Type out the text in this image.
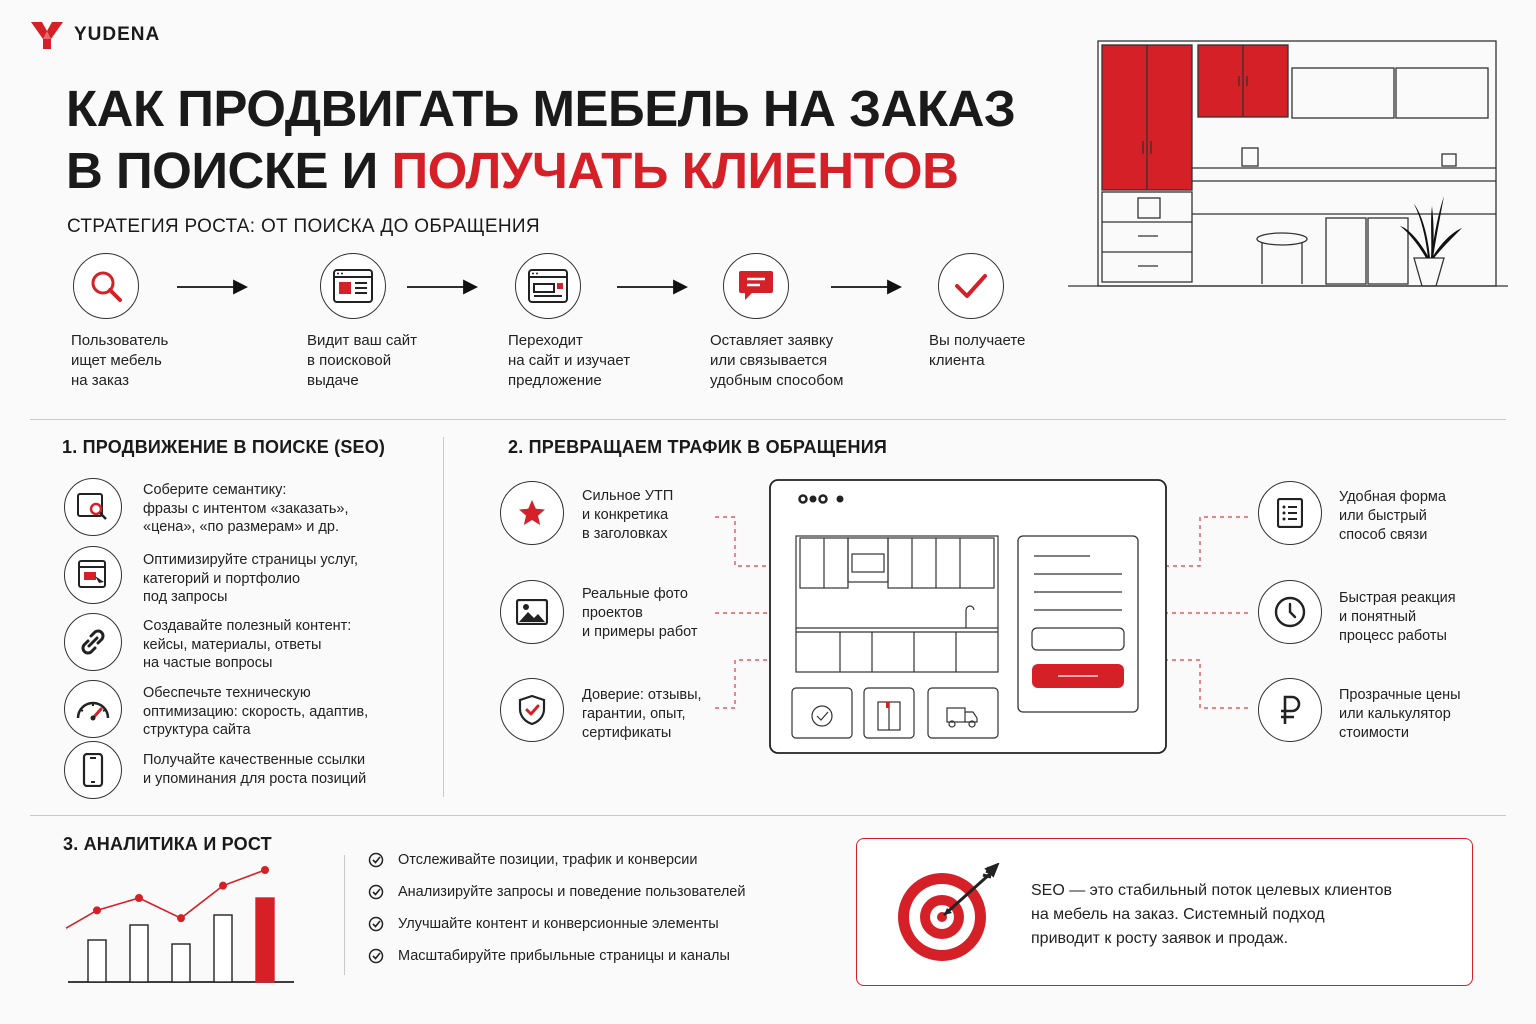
YUDENA
КАК ПРОДВИГАТЬ МЕБЕЛЬ НА ЗАКАЗ
В ПОИСКЕ И ПОЛУЧАТЬ КЛИЕНТОВ
СТРАТЕГИЯ РОСТА: ОТ ПОИСКА ДО ОБРАЩЕНИЯ
Пользователь
ищет мебель
на заказ
Видит ваш сайт
в поисковой
выдаче
Переходит
на сайт и изучает
предложение
Оставляет заявку
или связывается
удобным способом
Вы получаете
клиента
1. ПРОДВИЖЕНИЕ В ПОИСКЕ (SEO)
Соберите семантику:
фразы с интентом «заказать»,
«цена», «по размерам» и др.
Оптимизируйте страницы услуг,
категорий и портфолио
под запросы
Создавайте полезный контент:
кейсы, материалы, ответы
на частые вопросы
Обеспечьте техническую
оптимизацию: скорость, адаптив,
структура сайта
Получайте качественные ссылки
и упоминания для роста позиций
2. ПРЕВРАЩАЕМ ТРАФИК В ОБРАЩЕНИЯ
Сильное УТП
и конкретика
в заголовках
Реальные фото
проектов
и примеры работ
Доверие: отзывы,
гарантии, опыт,
сертификаты
Удобная форма
или быстрый
способ связи
Быстрая реакция
и понятный
процесс работы
Прозрачные цены
или калькулятор
стоимости
3. АНАЛИТИКА И РОСТ
Отслеживайте позиции, трафик и конверсии
Анализируйте запросы и поведение пользователей
Улучшайте контент и конверсионные элементы
Масштабируйте прибыльные страницы и каналы
SEO — это стабильный поток целевых клиентов
на мебель на заказ. Системный подход
приводит к росту заявок и продаж.
